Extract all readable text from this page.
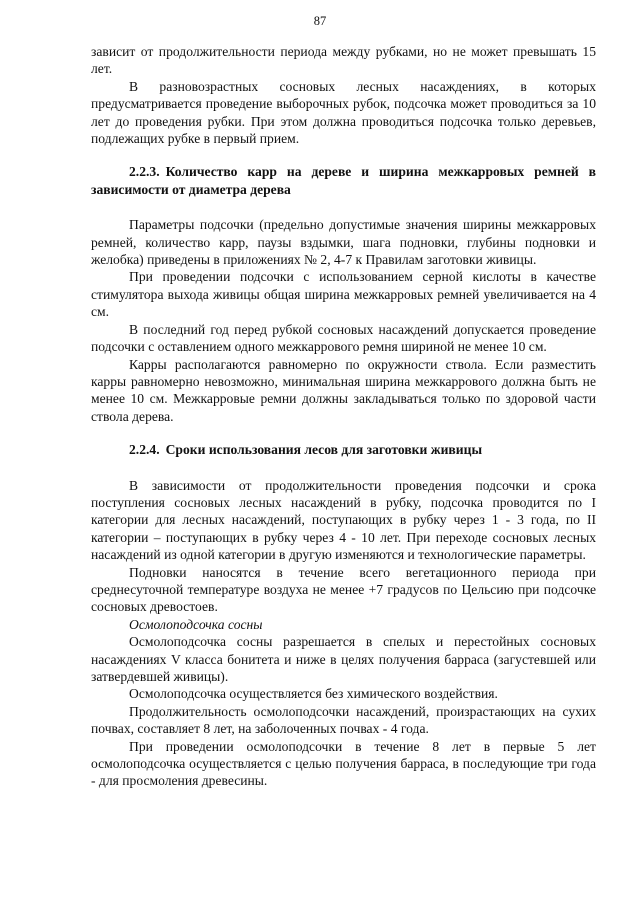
87

зависит от продолжительности периода между рубками, но не может превышать 15 лет.

В разновозрастных сосновых лесных насаждениях, в которых предусматривается проведение выборочных рубок, подсочка может проводиться за 10 лет до проведения рубки. При этом должна проводиться подсочка только деревьев, подлежащих рубке в первый прием.

2.2.3. Количество карр на дереве и ширина межкарровых ремней в зависимости от диаметра дерева

Параметры подсочки (предельно допустимые значения ширины межкарровых ремней, количество карр, паузы вздымки, шага подновки, глубины подновки и желобка) приведены в приложениях № 2, 4-7 к Правилам заготовки живицы.

При проведении подсочки с использованием серной кислоты в качестве стимулятора выхода живицы общая ширина межкарровых ремней увеличивается на 4 см.

В последний год перед рубкой сосновых насаждений допускается проведение подсочки с оставлением одного межкаррового ремня шириной не менее 10 см.

Карры располагаются равномерно по окружности ствола. Если разместить карры равномерно невозможно, минимальная ширина межкаррового должна быть не менее 10 см. Межкарровые ремни должны закладываться только по здоровой части ствола дерева.

2.2.4. Сроки использования лесов для заготовки живицы

В зависимости от продолжительности проведения подсочки и срока поступления сосновых лесных насаждений в рубку, подсочка проводится по I категории для лесных насаждений, поступающих в рубку через 1 - 3 года, по II категории – поступающих в рубку через 4 - 10 лет. При переходе сосновых лесных насаждений из одной категории в другую изменяются и технологические параметры.

Подновки наносятся в течение всего вегетационного периода при среднесуточной температуре воздуха не менее +7 градусов по Цельсию при подсочке сосновых древостоев.

Осмолоподсочка сосны

Осмолоподсочка сосны разрешается в спелых и перестойных сосновых насаждениях V класса бонитета и ниже в целях получения барраса (загустевшей или затвердевшей живицы).

Осмолоподсочка осуществляется без химического воздействия.

Продолжительность осмолоподсочки насаждений, произрастающих на сухих почвах, составляет 8 лет, на заболоченных почвах - 4 года.

При проведении осмолоподсочки в течение 8 лет в первые 5 лет осмолоподсочка осуществляется с целью получения барраса, в последующие три года - для просмоления древесины.
